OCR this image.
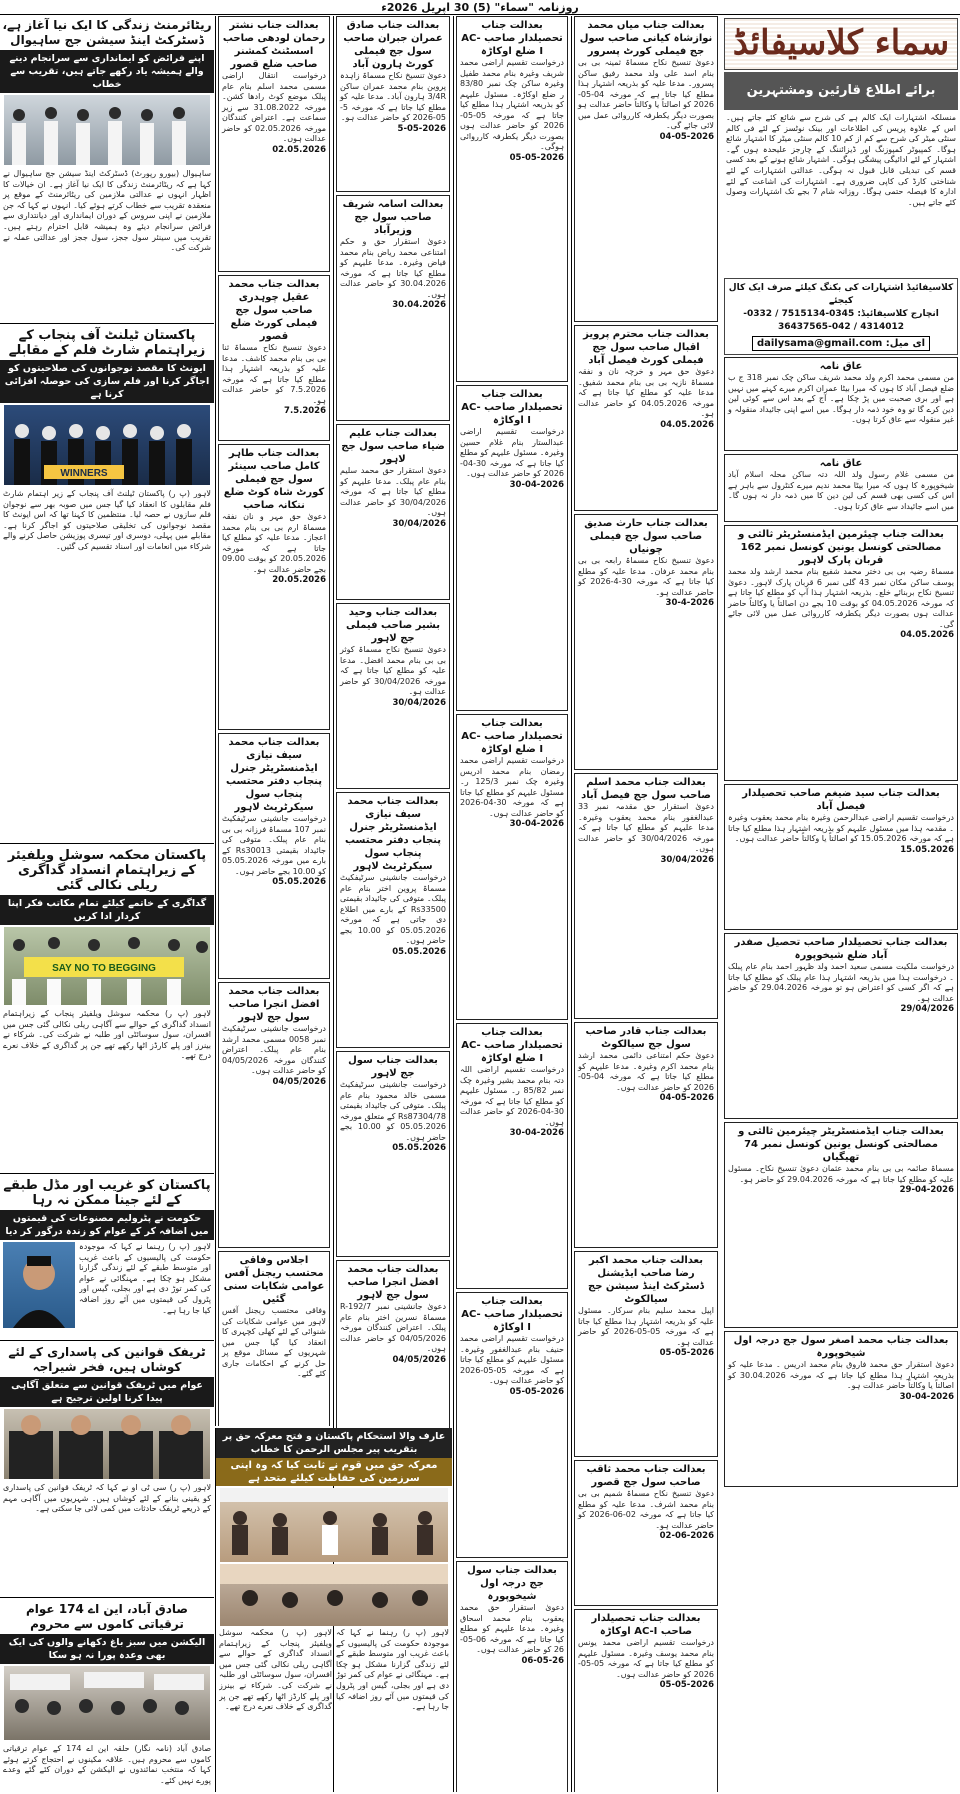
روزنامہ "سماء" (5) 30 اپریل 2026ء
سماء کلاسیفائڈ
برائے اطلاع قارئین ومشتہرین
منسلکہ اشتہارات ایک کالم ہے کی شرح سے شائع کئے جاتے ہیں۔ اس کے علاوہ پریس کی اطلاعات اور بینک نوٹسز کے لئے فی کالم سنٹی میٹر کی شرح سے کم از کم 10 کالم سنٹی میٹر کا اشتہار شائع ہوگا۔ کمپیوٹر کمپوزنگ اور ڈیزائننگ کے چارجز علیحدہ ہوں گے۔ اشتہار کے لئے ادائیگی پیشگی ہوگی۔ اشتہار شائع ہونے کے بعد کسی قسم کی تبدیلی قابل قبول نہ ہوگی۔ عدالتی اشتہارات کے لئے شناختی کارڈ کی کاپی ضروری ہے۔ اشتہارات کی اشاعت کے لئے ادارہ کا فیصلہ حتمی ہوگا۔ روزانہ شام 7 بجے تک اشتہارات وصول کئے جاتے ہیں۔
کلاسیفائیڈ اشتہارات کی بکنگ کیلئے صرف ایک کال کیجئے
انچارج کلاسیفائیڈ: 0345-7515134 / 0332-4314012 / 042-36437565
ای میل: dailysama@gmail.com
عاق نامہ
من مسمی محمد اکرم ولد محمد شریف ساکن چک نمبر 318 ج ب ضلع فیصل آباد کا ہوں کہ میرا بیٹا عمران اکرم میرے کہنے میں نہیں ہے اور بری صحبت میں پڑ چکا ہے۔ آج کے بعد اس سے کوئی لین دین کرے گا تو وہ خود ذمہ دار ہوگا۔ میں اسے اپنی جائیداد منقولہ و غیر منقولہ سے عاق کرتا ہوں۔
عاق نامہ
من مسمی غلام رسول ولد اللہ دتہ ساکن محلہ اسلام آباد شیخوپورہ کا ہوں کہ میرا بیٹا محمد ندیم میرے کنٹرول سے باہر ہے اس کی کسی بھی قسم کی لین دین کا میں ذمہ دار نہ ہوں گا۔ میں اسے جائیداد سے عاق کرتا ہوں۔
بعدالت جناب چیئرمین ایڈمنسٹریٹر ثالثی و مصالحتی کونسل یونین کونسل نمبر 162 قربان پارک لاہور
مسماۃ رضیہ بی بی دختر محمد شفیع بنام محمد ارشد ولد محمد یوسف ساکن مکان نمبر 43 گلی نمبر 6 قربان پارک لاہور۔ دعویٰ تنسیخ نکاح بربنائے خلع۔ بذریعہ اشتہار ہذا آپ کو مطلع کیا جاتا ہے کہ مورخہ 04.05.2026 کو بوقت 10 بجے دن اصالتاً یا وکالتاً حاضر عدالت ہوں بصورت دیگر یکطرفہ کارروائی عمل میں لائی جائے گی۔
04.05.2026
بعدالت جناب سید ضیغم صاحب تحصیلدار فیصل آباد
درخواست تقسیم اراضی عبدالرحمن وغیرہ بنام محمد یعقوب وغیرہ ۔ مقدمہ ہذا میں مسئول علیہم کو بذریعہ اشتہار ہذا مطلع کیا جاتا ہے کہ مورخہ 15.05.2026 کو اصالتاً یا وکالتاً حاضر عدالت ہوں۔
15.05.2026
بعدالت جناب تحصیلدار صاحب تحصیل صفدر آباد ضلع شیخوپورہ
درخواست ملکیت مسمی سعید احمد ولد ظہور احمد بنام عام پبلک ۔ درخواست ہذا میں بذریعہ اشتہار ہذا عام پبلک کو مطلع کیا جاتا ہے کہ اگر کسی کو اعتراض ہو تو مورخہ 29.04.2026 کو حاضر عدالت ہو۔
29/04/2026
بعدالت جناب ایڈمنسٹریٹر چیئرمین ثالثی و مصالحتی کونسل یونین کونسل نمبر 74 تھیگیاں
مسماۃ صائمہ بی بی بنام محمد عثمان دعویٰ تنسیخ نکاح۔ مسئول علیہ کو مطلع کیا جاتا ہے کہ مورخہ 29.04.2026 کو حاضر ہو۔
29-04-2026
بعدالت جناب محمد اصغر سول جج درجہ اول شیخوپورہ
دعویٰ استقرار حق محمد فاروق بنام محمد ادریس ۔ مدعا علیہ کو بذریعہ اشتہار ہذا مطلع کیا جاتا ہے کہ مورخہ 30.04.2026 کو اصالتاً یا وکالتاً حاضر عدالت ہو۔
30-04-2026
بعدالت جناب میاں محمد نوازشاہ کیانی صاحب سول جج فیملی کورٹ پسرور
دعویٰ تنسیخ نکاح مسماۃ ثمینہ بی بی بنام اسد علی ولد محمد رفیق ساکن پسرور۔ مدعا علیہ کو بذریعہ اشتہار ہذا مطلع کیا جاتا ہے کہ مورخہ 04-05-2026 کو اصالتاً یا وکالتاً حاضر عدالت ہو بصورت دیگر یکطرفہ کارروائی عمل میں لائی جائے گی۔
04-05-2026
بعدالت جناب محترم پرویز اقبال صاحب سول جج فیملی کورٹ فیصل آباد
دعویٰ حق مہر و خرچہ نان و نفقہ مسماۃ نازیہ بی بی بنام محمد شفیق۔ مدعا علیہ کو مطلع کیا جاتا ہے کہ مورخہ 04.05.2026 کو حاضر عدالت ہو۔
04.05.2026
بعدالت جناب حارث صدیق صاحب سول جج فیملی چونیاں
دعویٰ تنسیخ نکاح مسماۃ رابعہ بی بی بنام محمد عرفان۔ مدعا علیہ کو مطلع کیا جاتا ہے کہ مورخہ 30-4-2026 کو حاضر عدالت ہو۔
30-4-2026
بعدالت جناب محمد اسلم صاحب سول جج فیصل آباد
دعویٰ استقرار حق مقدمہ نمبر 33 عبدالغفور بنام محمد یعقوب وغیرہ۔ مدعا علیہم کو مطلع کیا جاتا ہے کہ مورخہ 30/04/2026 کو حاضر عدالت ہوں۔
30/04/2026
بعدالت جناب قادر صاحب سول جج سیالکوٹ
دعویٰ حکم امتناعی دائمی محمد ارشد بنام محمد اکرم وغیرہ۔ مدعا علیہم کو مطلع کیا جاتا ہے کہ مورخہ 04-05-2026 کو حاضر عدالت ہوں۔
04-05-2026
بعدالت جناب محمد اکبر رضا صاحب ایڈیشنل ڈسٹرکٹ اینڈ سیشن جج سیالکوٹ
اپیل محمد سلیم بنام سرکار۔ مسئول علیہ کو بذریعہ اشتہار ہذا مطلع کیا جاتا ہے کہ مورخہ 05-05-2026 کو حاضر عدالت ہو۔
05-05-2026
بعدالت جناب محمد ثاقب صاحب سول جج قصور
دعویٰ تنسیخ نکاح مسماۃ شمیم بی بی بنام محمد اشرف۔ مدعا علیہ کو مطلع کیا جاتا ہے کہ مورخہ 02-06-2026 کو حاضر عدالت ہو۔
02-06-2026
بعدالت جناب تحصیلدار صاحب AC-I اوکاڑہ
درخواست تقسیم اراضی محمد یونس بنام محمد یوسف وغیرہ۔ مسئول علیہم کو مطلع کیا جاتا ہے کہ مورخہ 05-05-2026 کو حاضر عدالت ہوں۔
05-05-2026
بعدالت جناب تحصیلدار صاحب AC-I ضلع اوکاڑہ
درخواست تقسیم اراضی محمد شریف وغیرہ بنام محمد طفیل وغیرہ ساکن چک نمبر 83/80 ر ضلع اوکاڑہ۔ مسئول علیہم کو بذریعہ اشتہار ہذا مطلع کیا جاتا ہے کہ مورخہ 05-05-2026 کو حاضر عدالت ہوں بصورت دیگر یکطرفہ کارروائی ہوگی۔
05-05-2026
بعدالت جناب تحصیلدار صاحب AC-I اوکاڑہ
درخواست تقسیم اراضی عبدالستار بنام غلام حسین وغیرہ۔ مسئول علیہم کو مطلع کیا جاتا ہے کہ مورخہ 30-04-2026 کو حاضر عدالت ہوں۔
30-04-2026
بعدالت جناب تحصیلدار صاحب AC-I ضلع اوکاڑہ
درخواست تقسیم اراضی محمد رمضان بنام محمد ادریس وغیرہ چک نمبر 125/3 ر۔ مسئول علیہم کو مطلع کیا جاتا ہے کہ مورخہ 30-04-2026 کو حاضر عدالت ہوں۔
30-04-2026
بعدالت جناب تحصیلدار صاحب AC-I ضلع اوکاڑہ
درخواست تقسیم اراضی اللہ دتہ بنام محمد بشیر وغیرہ چک نمبر 85/82 ر۔ مسئول علیہم کو مطلع کیا جاتا ہے کہ مورخہ 30-04-2026 کو حاضر عدالت ہوں۔
30-04-2026
بعدالت جناب تحصیلدار صاحب AC-I اوکاڑہ
درخواست تقسیم اراضی محمد حنیف بنام عبدالغفور وغیرہ۔ مسئول علیہم کو مطلع کیا جاتا ہے کہ مورخہ 05-05-2026 کو حاضر عدالت ہوں۔
05-05-2026
بعدالت جناب سول جج درجہ اول شیخوپورہ
دعویٰ استقرار حق محمد یعقوب بنام محمد اسحاق وغیرہ۔ مدعا علیہم کو مطلع کیا جاتا ہے کہ مورخہ 06-05-26 کو حاضر عدالت ہوں۔
06-05-26
بعدالت جناب صادق عمران جبران صاحب سول جج فیملی کورٹ ہارون آباد
دعویٰ تنسیخ نکاح مسماۃ زاہدہ پروین بنام محمد عمران ساکن 3/4R ہارون آباد۔ مدعا علیہ کو مطلع کیا جاتا ہے کہ مورخہ 5-05-2026 کو حاضر عدالت ہو۔
5-05-2026
بعدالت اسامہ شریف صاحب سول جج وزیرآباد
دعویٰ استقرار حق و حکم امتناعی محمد ریاض بنام محمد فیاض وغیرہ۔ مدعا علیہم کو مطلع کیا جاتا ہے کہ مورخہ 30.04.2026 کو حاضر عدالت ہوں۔
30.04.2026
بعدالت جناب علیم ضیاء صاحب سول جج لاہور
دعویٰ استقرار حق محمد سلیم بنام عام پبلک۔ مدعا علیہم کو مطلع کیا جاتا ہے کہ مورخہ 30/04/2026 کو حاضر عدالت ہوں۔
30/04/2026
بعدالت جناب وحید بشیر صاحب فیملی جج لاہور
دعویٰ تنسیخ نکاح مسماۃ کوثر بی بی بنام محمد افضل۔ مدعا علیہ کو مطلع کیا جاتا ہے کہ مورخہ 30/04/2026 کو حاضر عدالت ہو۔
30/04/2026
بعدالت جناب محمد سیف نیازی ایڈمنسٹریٹر جنرل پنجاب دفتر محتسب پنجاب سول سیکرٹریٹ لاہور
درخواست جانشینی سرٹیفکیٹ مسماۃ پروین اختر بنام عام پبلک۔ متوفی کی جائیداد بقیمتی Rs33500 کے بارے میں اطلاع دی جاتی ہے کہ مورخہ 05.05.2026 کو 10.00 بجے حاضر ہوں۔
05.05.2026
بعدالت جناب سول جج لاہور
درخواست جانشینی سرٹیفکیٹ مسمی خالد محمود بنام عام پبلک۔ متوفی کی جائیداد بقیمتی Rs87304/78 کے متعلق مورخہ 05.05.2026 کو 10.00 بجے حاضر ہوں۔
05.05.2026
بعدالت جناب محمد افضل انجرا صاحب سول جج لاہور
دعویٰ جانشینی نمبر R-192/7 مسماۃ نسرین اختر بنام عام پبلک۔ اعتراض کنندگان مورخہ 04/05/2026 کو حاضر عدالت ہوں۔
04/05/2026
بعدالت جناب نشتر رحمان لودھی صاحب اسسٹنٹ کمشنر صاحب ضلع قصور
درخواست انتقال اراضی مسمی محمد اسلم بنام عام پبلک موضع کوٹ رادھا کشن۔ مورخہ 31.08.2022 سے زیر سماعت ہے۔ اعتراض کنندگان مورخہ 02.05.2026 کو حاضر عدالت ہوں۔
02.05.2026
بعدالت جناب محمد عقیل چوہدری صاحب سول جج فیملی کورٹ ضلع قصور
دعویٰ تنسیخ نکاح مسماۃ ثنا بی بی بنام محمد کاشف۔ مدعا علیہ کو بذریعہ اشتہار ہذا مطلع کیا جاتا ہے کہ مورخہ 7.5.2026 کو حاضر عدالت ہو۔
7.5.2026
بعدالت جناب طاہر کامل صاحب سینئر سول جج فیملی کورٹ شاہ کوٹ ضلع ننکانہ صاحب
دعویٰ حق مہر و نان نفقہ مسماۃ ارم بی بی بنام محمد اعجاز۔ مدعا علیہ کو مطلع کیا جاتا ہے کہ مورخہ 20.05.2026 کو بوقت 09.00 بجے حاضر عدالت ہو۔
20.05.2026
بعدالت جناب محمد سیف نیازی ایڈمنسٹریٹر جنرل پنجاب دفتر محتسب پنجاب سول سیکرٹریٹ لاہور
درخواست جانشینی سرٹیفکیٹ نمبر 107 مسماۃ فرزانہ بی بی بنام عام پبلک۔ متوفی کی جائیداد بقیمتی Rs30013 کے بارے میں مورخہ 05.05.2026 کو 10.00 بجے حاضر ہوں۔
05.05.2026
بعدالت جناب محمد افضل انجرا صاحب سول جج لاہور
درخواست جانشینی سرٹیفکیٹ نمبر 0058 مسمی محمد ارشد بنام عام پبلک۔ اعتراض کنندگان مورخہ 04/05/2026 کو حاضر عدالت ہوں۔
04/05/2026
اجلاس وفاقی محتسب ریجنل آفس عوامی شکایات سنی گئیں
وفاقی محتسب ریجنل آفس لاہور میں عوامی شکایات کی شنوائی کے لئے کھلی کچہری کا انعقاد کیا گیا جس میں شہریوں کے مسائل موقع پر حل کرنے کے احکامات جاری کئے گئے۔
عارف والا استحکام پاکستان و فتح معرکہ حق پر بتقریب پیر مجلس الرحمن کا خطاب
معرکہ حق میں قوم نے ثابت کیا کہ وہ اپنی سرزمین کی حفاظت کیلئے متحد ہے
لاہور (پ ر) رہنما نے کہا کہ موجودہ حکومت کی پالیسیوں کے باعث غریب اور متوسط طبقے کے لئے زندگی گزارنا مشکل ہو چکا ہے۔ مہنگائی نے عوام کی کمر توڑ دی ہے اور بجلی، گیس اور پٹرول کی قیمتوں میں آئے روز اضافہ کیا جا رہا ہے۔
لاہور (پ ر) محکمہ سوشل ویلفیئر پنجاب کے زیراہتمام انسداد گداگری کے حوالے سے آگاہی ریلی نکالی گئی جس میں افسران، سول سوسائٹی اور طلبہ نے شرکت کی۔ شرکاء نے بینرز اور پلے کارڈز اٹھا رکھے تھے جن پر گداگری کے خلاف نعرے درج تھے۔
ریٹائرمنٹ زندگی کا ایک نیا آغاز ہے، ڈسٹرکٹ اینڈ سیشن جج ساہیوال
اپنے فرائض کو ایمانداری سے سرانجام دینے والے ہمیشہ یاد رکھے جاتے ہیں، تقریب سے خطاب
ساہیوال (بیورو رپورٹ) ڈسٹرکٹ اینڈ سیشن جج ساہیوال نے کہا ہے کہ ریٹائرمنٹ زندگی کا ایک نیا آغاز ہے۔ ان خیالات کا اظہار انہوں نے عدالتی ملازمین کی ریٹائرمنٹ کے موقع پر منعقدہ تقریب سے خطاب کرتے ہوئے کیا۔ انہوں نے کہا کہ جن ملازمین نے اپنی سروس کے دوران ایمانداری اور دیانتداری سے فرائض سرانجام دیئے وہ ہمیشہ قابل احترام رہتے ہیں۔ تقریب میں سینئر سول ججز، سول ججز اور عدالتی عملہ نے شرکت کی۔
پاکستان ٹیلنٹ آف پنجاب کے زیراہتمام شارٹ فلم کے مقابلے
ایونٹ کا مقصد نوجوانوں کی صلاحیتوں کو اجاگر کرنا اور فلم سازی کی حوصلہ افزائی کرنا ہے
WINNERS
لاہور (پ ر) پاکستان ٹیلنٹ آف پنجاب کے زیر اہتمام شارٹ فلم مقابلوں کا انعقاد کیا گیا جس میں صوبہ بھر سے نوجوان فلم سازوں نے حصہ لیا۔ منتظمین کا کہنا تھا کہ اس ایونٹ کا مقصد نوجوانوں کی تخلیقی صلاحیتوں کو اجاگر کرنا ہے۔ مقابلے میں پہلی، دوسری اور تیسری پوزیشن حاصل کرنے والے شرکاء میں انعامات اور اسناد تقسیم کی گئیں۔
پاکستان محکمہ سوشل ویلفیئر کے زیراہتمام انسداد گداگری ریلی نکالی گئی
گداگری کے خاتمے کیلئے تمام مکاتب فکر اپنا کردار ادا کریں
SAY NO TO BEGGING
لاہور (پ ر) محکمہ سوشل ویلفیئر پنجاب کے زیراہتمام انسداد گداگری کے حوالے سے آگاہی ریلی نکالی گئی جس میں افسران، سول سوسائٹی اور طلبہ نے شرکت کی۔ شرکاء نے بینرز اور پلے کارڈز اٹھا رکھے تھے جن پر گداگری کے خلاف نعرے درج تھے۔
پاکستان کو غریب اور مڈل طبقے کے لئے جینا ممکن نہ رہا
حکومت نے پٹرولیم مصنوعات کی قیمتوں میں اضافہ کر کے عوام کو زندہ درگور کر دیا
لاہور (پ ر) رہنما نے کہا کہ موجودہ حکومت کی پالیسیوں کے باعث غریب اور متوسط طبقے کے لئے زندگی گزارنا مشکل ہو چکا ہے۔ مہنگائی نے عوام کی کمر توڑ دی ہے اور بجلی، گیس اور پٹرول کی قیمتوں میں آئے روز اضافہ کیا جا رہا ہے۔
ٹریفک قوانین کی پاسداری کے لئے کوشاں ہیں، فخر شیراجہ
عوام میں ٹریفک قوانین سے متعلق آگاہی پیدا کرنا اولین ترجیح ہے
لاہور (پ ر) سی ٹی او نے کہا کہ ٹریفک قوانین کی پاسداری کو یقینی بنانے کے لئے کوشاں ہیں۔ شہریوں میں آگاہی مہم کے ذریعے ٹریفک حادثات میں کمی لائی جا سکتی ہے۔
صادق آباد، این اے 174 عوام ترقیاتی کاموں سے محروم
الیکشن میں سبز باغ دکھانے والوں کی ایک بھی وعدہ پورا نہ ہو سکا
صادق آباد (نامہ نگار) حلقہ این اے 174 کے عوام ترقیاتی کاموں سے محروم ہیں۔ علاقہ مکینوں نے احتجاج کرتے ہوئے کہا کہ منتخب نمائندوں نے الیکشن کے دوران کئے گئے وعدے پورے نہیں کئے۔
